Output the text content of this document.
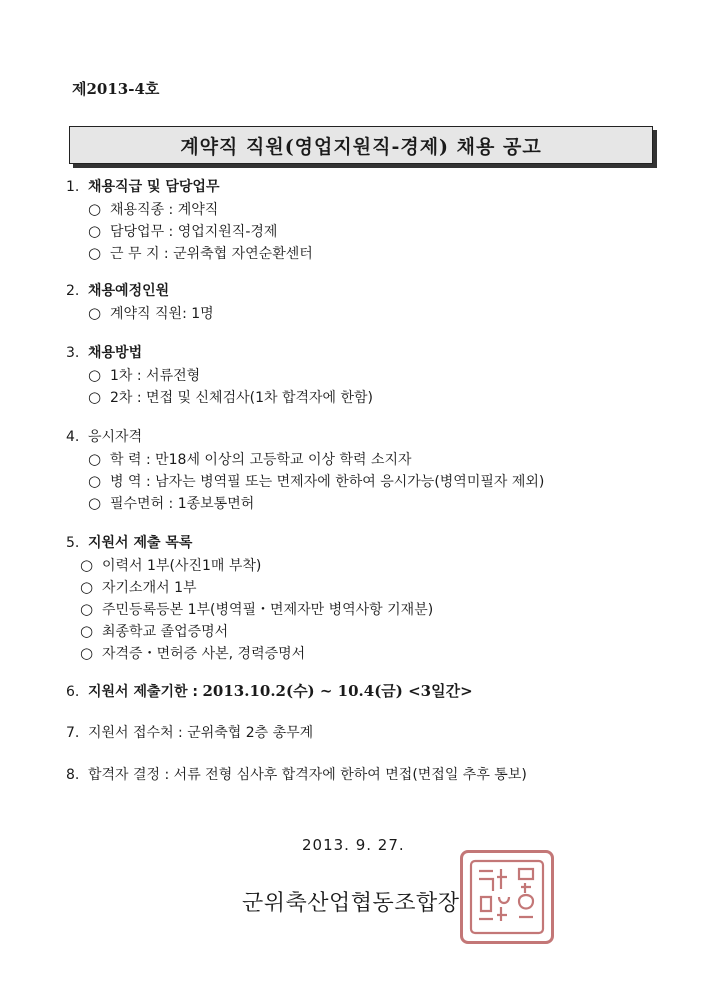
제2013-4호
계약직 직원(영업지원직-경제) 채용 공고
1. 채용직급 및 담당업무
○ 채용직종 : 계약직
○ 담당업무 : 영업지원직-경제
○ 근 무 지 : 군위축협 자연순환센터
2. 채용예정인원
○ 계약직 직원: 1명
3. 채용방법
○ 1차 : 서류전형
○ 2차 : 면접 및 신체검사(1차 합격자에 한함)
4. 응시자격
○ 학 력 : 만18세 이상의 고등학교 이상 학력 소지자
○ 병 역 : 남자는 병역필 또는 면제자에 한하여 응시가능(병역미필자 제외)
○ 필수면허 : 1종보통면허
5. 지원서 제출 목록
○ 이력서 1부(사진1매 부착)
○ 자기소개서 1부
○ 주민등록등본 1부(병역필・면제자만 병역사항 기재분)
○ 최종학교 졸업증명서
○ 자격증・면허증 사본, 경력증명서
6. 지원서 제출기한 : 2013.10.2(수) ~ 10.4(금) <3일간>
7. 지원서 접수처 : 군위축협 2층 총무계
8. 합격자 결정 : 서류 전형 심사후 합격자에 한하여 면접(면접일 추후 통보)
2013. 9. 27.
군위축산업협동조합장
